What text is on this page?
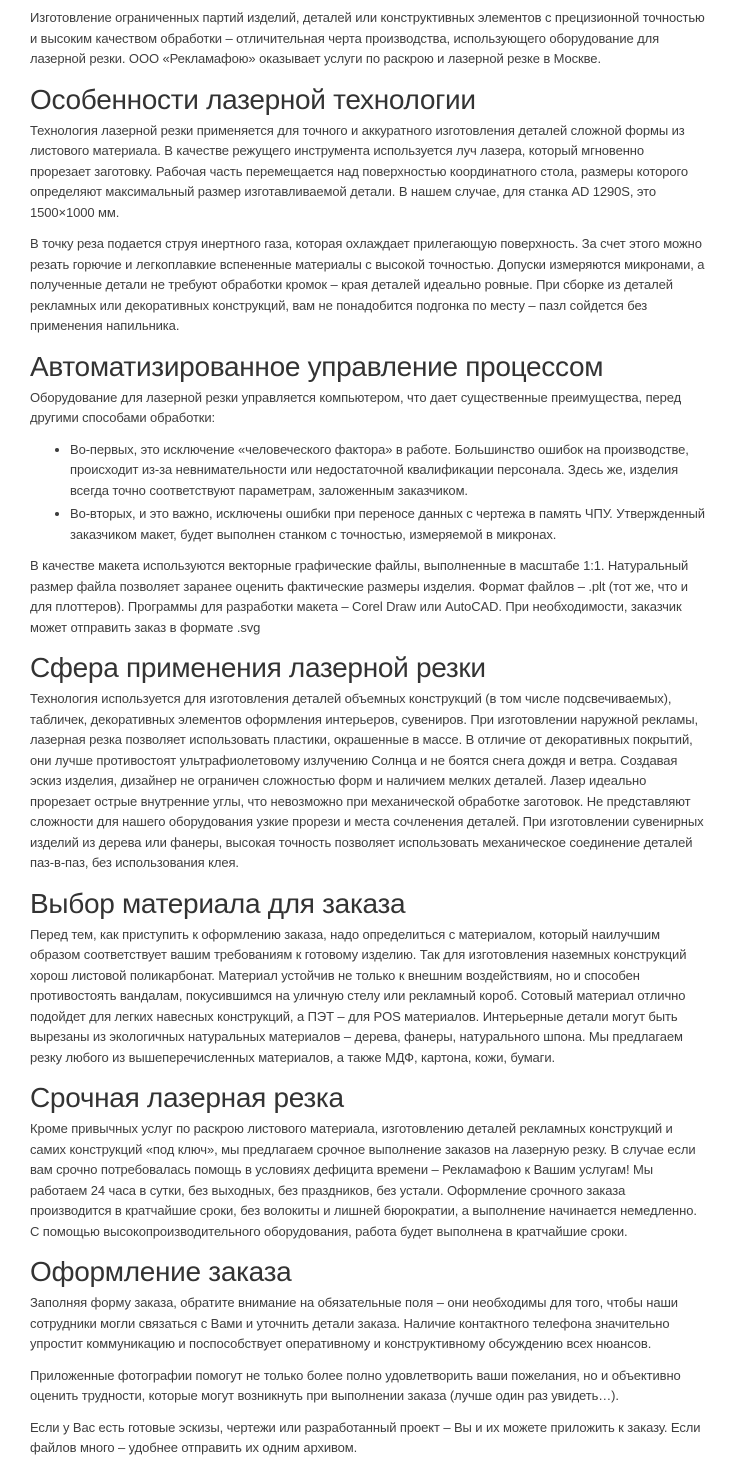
Изготовление ограниченных партий изделий, деталей или конструктивных элементов с прецизионной точностью и высоким качеством обработки – отличительная черта производства, использующего оборудование для лазерной резки. ООО «Рекламафою» оказывает услуги по раскрою и лазерной резке в Москве.

Особенности лазерной технологии

Технология лазерной резки применяется для точного и аккуратного изготовления деталей сложной формы из листового материала. В качестве режущего инструмента используется луч лазера, который мгновенно прорезает заготовку. Рабочая часть перемещается над поверхностью координатного стола, размеры которого определяют максимальный размер изготавливаемой детали. В нашем случае, для станка AD 1290S, это 1500×1000 мм.

В точку реза подается струя инертного газа, которая охлаждает прилегающую поверхность. За счет этого можно резать горючие и легкоплавкие вспененные материалы с высокой точностью. Допуски измеряются микронами, а полученные детали не требуют обработки кромок – края деталей идеально ровные. При сборке из деталей рекламных или декоративных конструкций, вам не понадобится подгонка по месту – пазл сойдется без применения напильника.

Автоматизированное управление процессом

Оборудование для лазерной резки управляется компьютером, что дает существенные преимущества, перед другими способами обработки:

• Во-первых, это исключение «человеческого фактора» в работе. Большинство ошибок на производстве, происходит из-за невнимательности или недостаточной квалификации персонала. Здесь же, изделия всегда точно соответствуют параметрам, заложенным заказчиком.
• Во-вторых, и это важно, исключены ошибки при переносе данных с чертежа в память ЧПУ. Утвержденный заказчиком макет, будет выполнен станком с точностью, измеряемой в микронах.

В качестве макета используются векторные графические файлы, выполненные в масштабе 1:1. Натуральный размер файла позволяет заранее оценить фактические размеры изделия. Формат файлов – .plt (тот же, что и для плоттеров). Программы для разработки макета – Corel Draw или AutoCAD. При необходимости, заказчик может отправить заказ в формате .svg

Сфера применения лазерной резки

Технология используется для изготовления деталей объемных конструкций (в том числе подсвечиваемых), табличек, декоративных элементов оформления интерьеров, сувениров. При изготовлении наружной рекламы, лазерная резка позволяет использовать пластики, окрашенные в массе. В отличие от декоративных покрытий, они лучше противостоят ультрафиолетовому излучению Солнца и не боятся снега дождя и ветра. Создавая эскиз изделия, дизайнер не ограничен сложностью форм и наличием мелких деталей. Лазер идеально прорезает острые внутренние углы, что невозможно при механической обработке заготовок. Не представляют сложности для нашего оборудования узкие прорези и места сочленения деталей. При изготовлении сувенирных изделий из дерева или фанеры, высокая точность позволяет использовать механическое соединение деталей паз-в-паз, без использования клея.

Выбор материала для заказа

Перед тем, как приступить к оформлению заказа, надо определиться с материалом, который наилучшим образом соответствует вашим требованиям к готовому изделию. Так для изготовления наземных конструкций хорош листовой поликарбонат. Материал устойчив не только к внешним воздействиям, но и способен противостоять вандалам, покусившимся на уличную стелу или рекламный короб. Сотовый материал отлично подойдет для легких навесных конструкций, а ПЭТ – для POS материалов. Интерьерные детали могут быть вырезаны из экологичных натуральных материалов – дерева, фанеры, натурального шпона. Мы предлагаем резку любого из вышеперечисленных материалов, а также МДФ, картона, кожи, бумаги.

Срочная лазерная резка

Кроме привычных услуг по раскрою листового материала, изготовлению деталей рекламных конструкций и самих конструкций «под ключ», мы предлагаем срочное выполнение заказов на лазерную резку. В случае если вам срочно потребовалась помощь в условиях дефицита времени – Рекламафою к Вашим услугам! Мы работаем 24 часа в сутки, без выходных, без праздников, без устали. Оформление срочного заказа производится в кратчайшие сроки, без волокиты и лишней бюрократии, а выполнение начинается немедленно. С помощью высокопроизводительного оборудования, работа будет выполнена в кратчайшие сроки.

Оформление заказа

Заполняя форму заказа, обратите внимание на обязательные поля – они необходимы для того, чтобы наши сотрудники могли связаться с Вами и уточнить детали заказа. Наличие контактного телефона значительно упростит коммуникацию и поспособствует оперативному и конструктивному обсуждению всех нюансов.

Приложенные фотографии помогут не только более полно удовлетворить ваши пожелания, но и объективно оценить трудности, которые могут возникнуть при выполнении заказа (лучше один раз увидеть…).

Если у Вас есть готовые эскизы, чертежи или разработанный проект – Вы и их можете приложить к заказу. Если файлов много – удобнее отправить их одним архивом.
